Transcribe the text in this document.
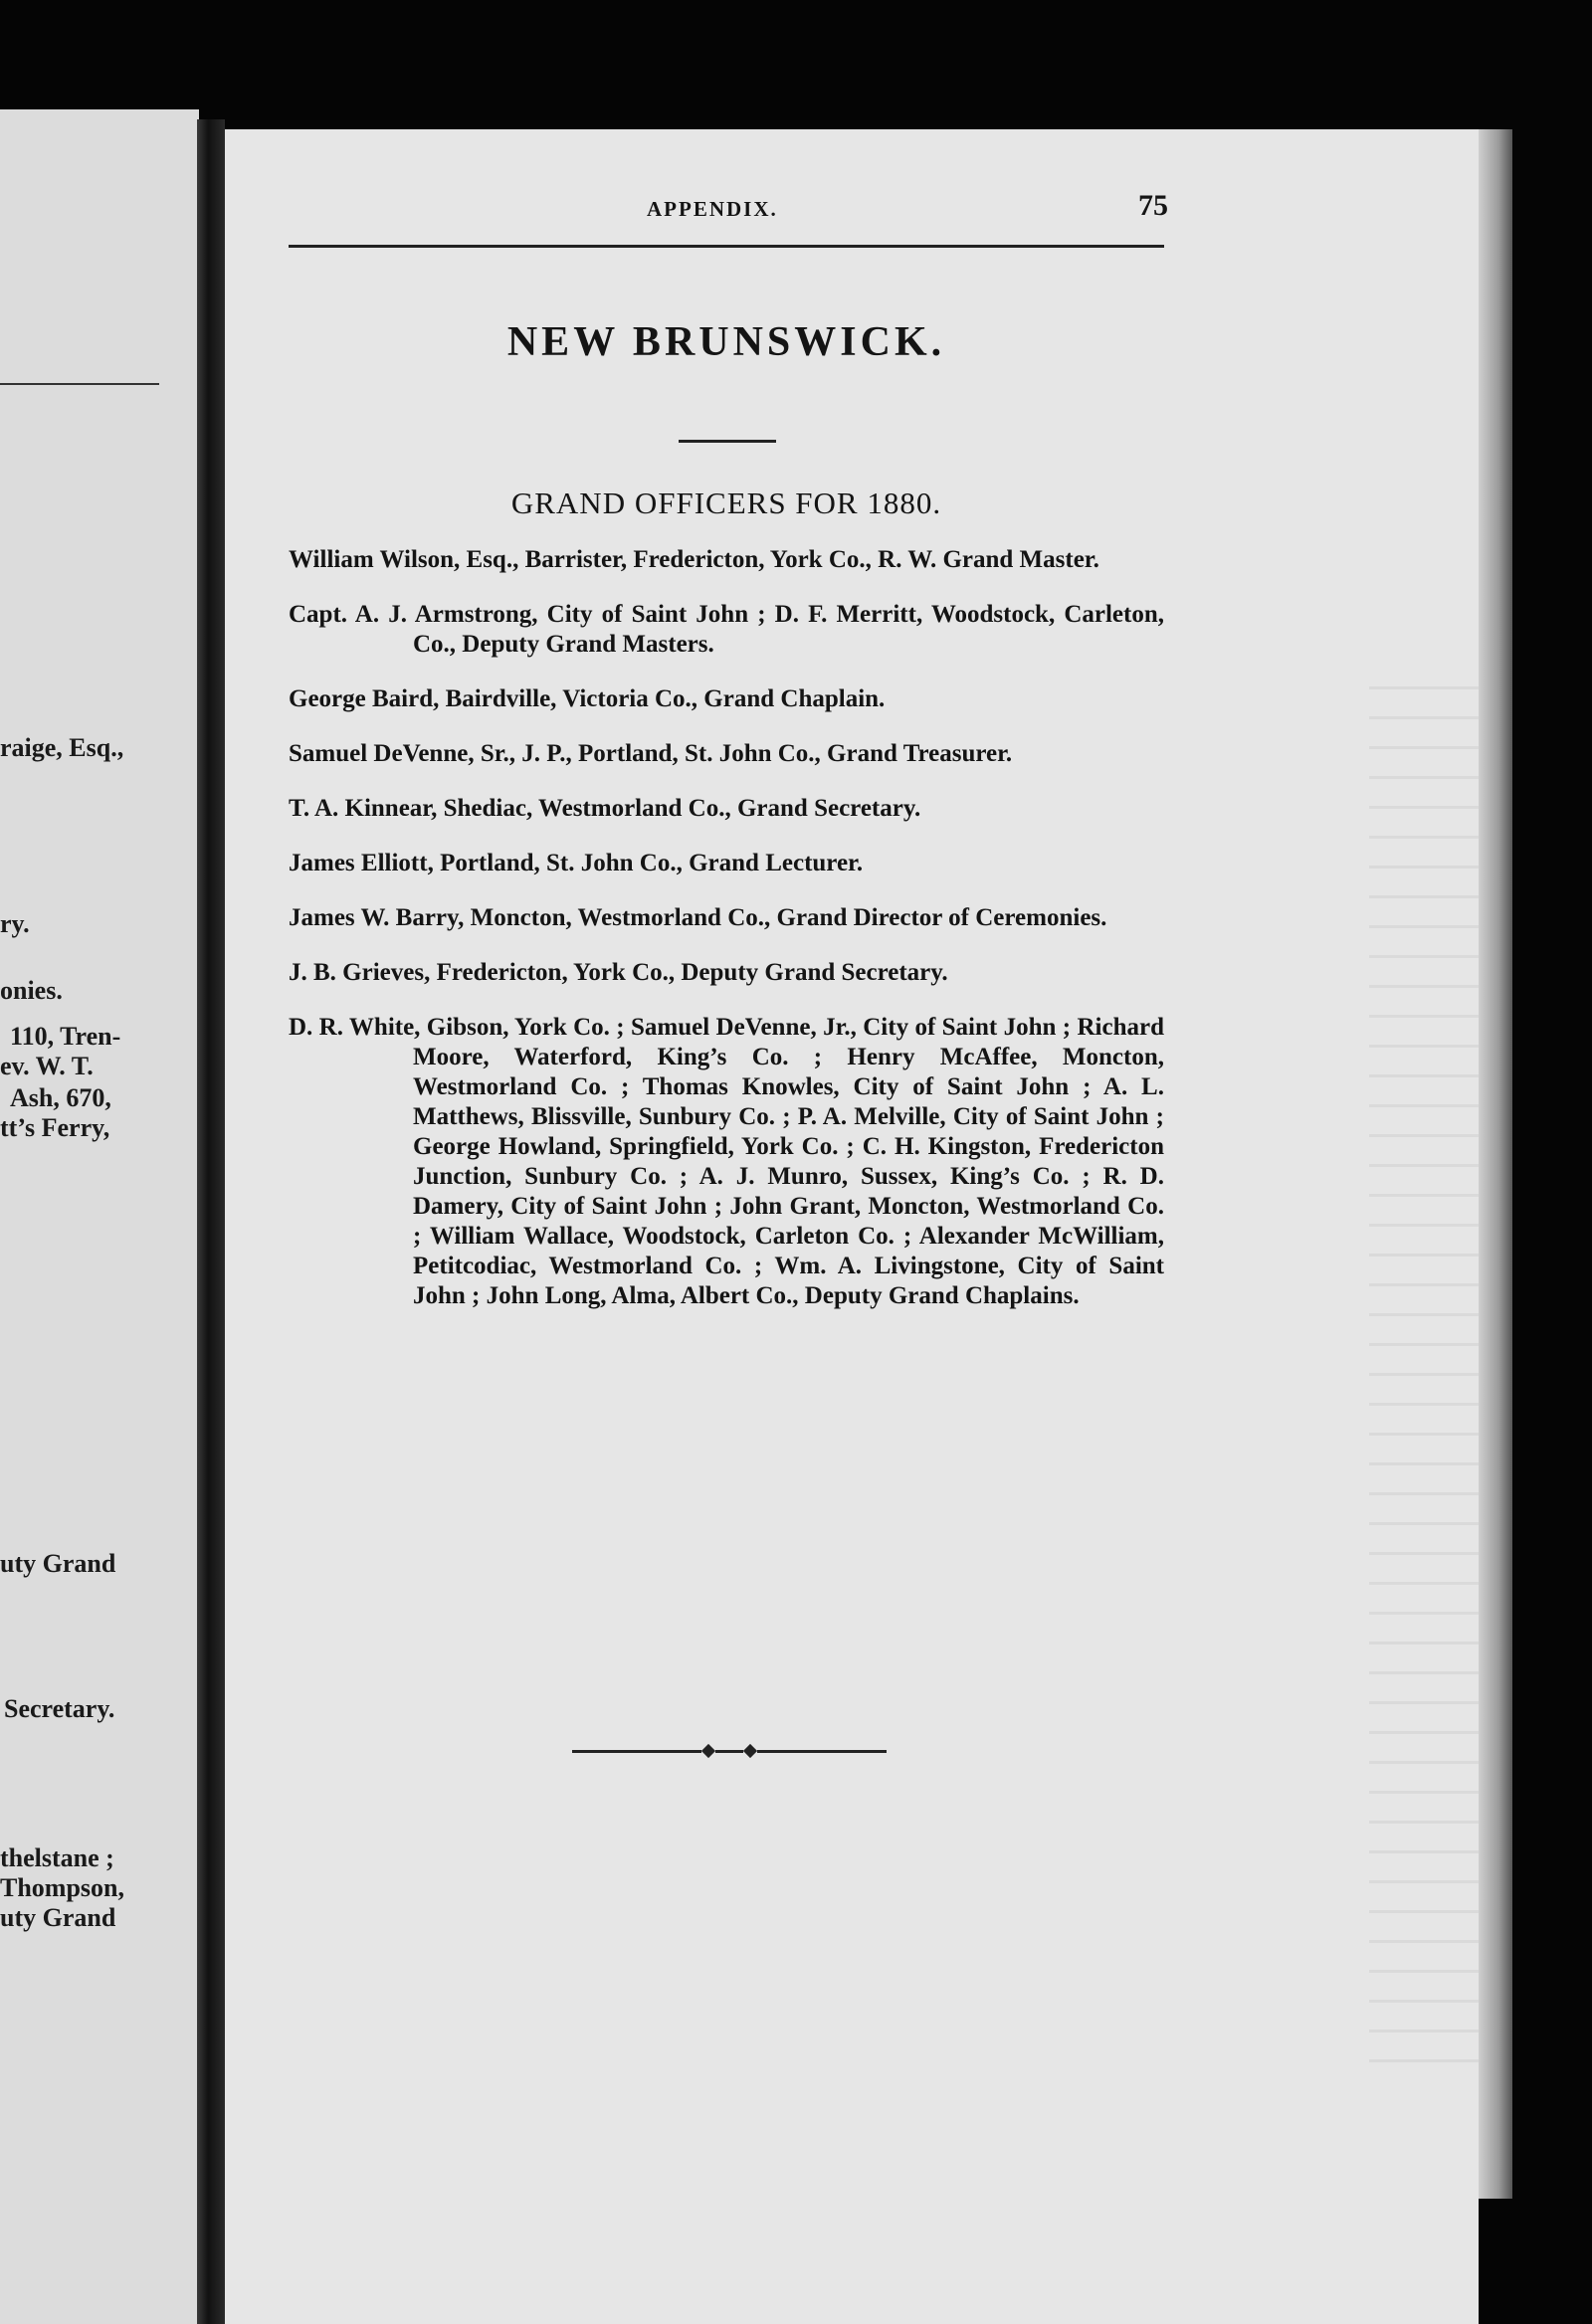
raige, Esq.,
ry.
onies.
110, Tren-
ev. W. T.
Ash, 670,
tt’s Ferry,
uty Grand
Secretary.
thelstane ;
Thompson,
uty Grand
APPENDIX.	75
NEW BRUNSWICK.
GRAND OFFICERS FOR 1880.

William Wilson, Esq., Barrister, Fredericton, York Co., R. W. Grand Master.

Capt. A. J. Armstrong, City of Saint John ; D. F. Merritt, Woodstock, Carleton, Co., Deputy Grand Masters.

George Baird, Bairdville, Victoria Co., Grand Chaplain.

Samuel DeVenne, Sr., J. P., Portland, St. John Co., Grand Treasurer.

T. A. Kinnear, Shediac, Westmorland Co., Grand Secretary.

James Elliott, Portland, St. John Co., Grand Lecturer.

James W. Barry, Moncton, Westmorland Co., Grand Director of Ceremonies.

J. B. Grieves, Fredericton, York Co., Deputy Grand Secretary.

D. R. White, Gibson, York Co. ; Samuel DeVenne, Jr., City of Saint John ; Richard Moore, Waterford, King’s Co. ; Henry McAffee, Moncton, Westmorland Co. ; Thomas Knowles, City of Saint John ; A. L. Matthews, Blissville, Sunbury Co. ; P. A. Melville, City of Saint John ; George Howland, Springfield, York Co. ; C. H. Kingston, Fredericton Junction, Sunbury Co. ; A. J. Munro, Sussex, King’s Co. ; R. D. Damery, City of Saint John ; John Grant, Moncton, Westmorland Co. ; William Wallace, Woodstock, Carleton Co. ; Alexander McWilliam, Petitcodiac, Westmorland Co. ; Wm. A. Livingstone, City of Saint John ; John Long, Alma, Albert Co., Deputy Grand Chaplains.
